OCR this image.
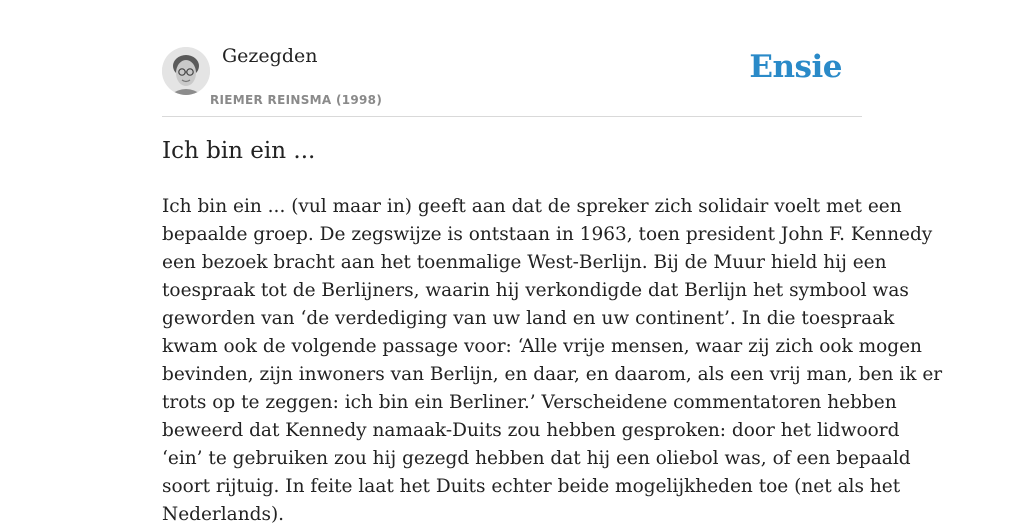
Gezegden
RIEMER REINSMA (1998)
Ensie
Ich bin ein ...

Ich bin ein ... (vul maar in) geeft aan dat de spreker zich solidair voelt met een
bepaalde groep. De zegswijze is ontstaan in 1963, toen president John F. Kennedy
een bezoek bracht aan het toenmalige West-Berlijn. Bij de Muur hield hij een
toespraak tot de Berlijners, waarin hij verkondigde dat Berlijn het symbool was
geworden van ‘de verdediging van uw land en uw continent’. In die toespraak
kwam ook de volgende passage voor: ‘Alle vrije mensen, waar zij zich ook mogen
bevinden, zijn inwoners van Berlijn, en daar, en daarom, als een vrij man, ben ik er
trots op te zeggen: ich bin ein Berliner.’ Verscheidene commentatoren hebben
beweerd dat Kennedy namaak-Duits zou hebben gesproken: door het lidwoord
‘ein’ te gebruiken zou hij gezegd hebben dat hij een oliebol was, of een bepaald
soort rijtuig. In feite laat het Duits echter beide mogelijkheden toe (net als het
Nederlands).
